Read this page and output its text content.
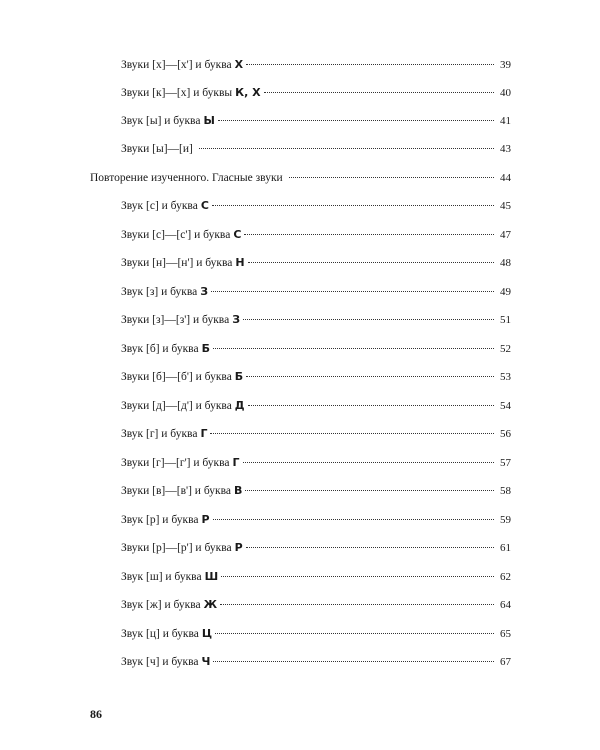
Звуки [х]—[х'] и буква Х	39
Звуки [к]—[х] и буквы К, Х	40
Звук [ы] и буква Ы	41
Звуки [ы]—[и]	43
Повторение изученного. Гласные звуки	44
Звук [с] и буква С	45
Звуки [с]—[с'] и буква С	47
Звуки [н]—[н'] и буква Н	48
Звук [з] и буква З	49
Звуки [з]—[з'] и буква З	51
Звук [б] и буква Б	52
Звуки [б]—[б'] и буква Б	53
Звуки [д]—[д'] и буква Д	54
Звук [г] и буква Г	56
Звуки [г]—[г'] и буква Г	57
Звуки [в]—[в'] и буква В	58
Звук [р] и буква Р	59
Звуки [р]—[р'] и буква Р	61
Звук [ш] и буква Ш	62
Звук [ж] и буква Ж	64
Звук [ц] и буква Ц	65
Звук [ч] и буква Ч	67
86
